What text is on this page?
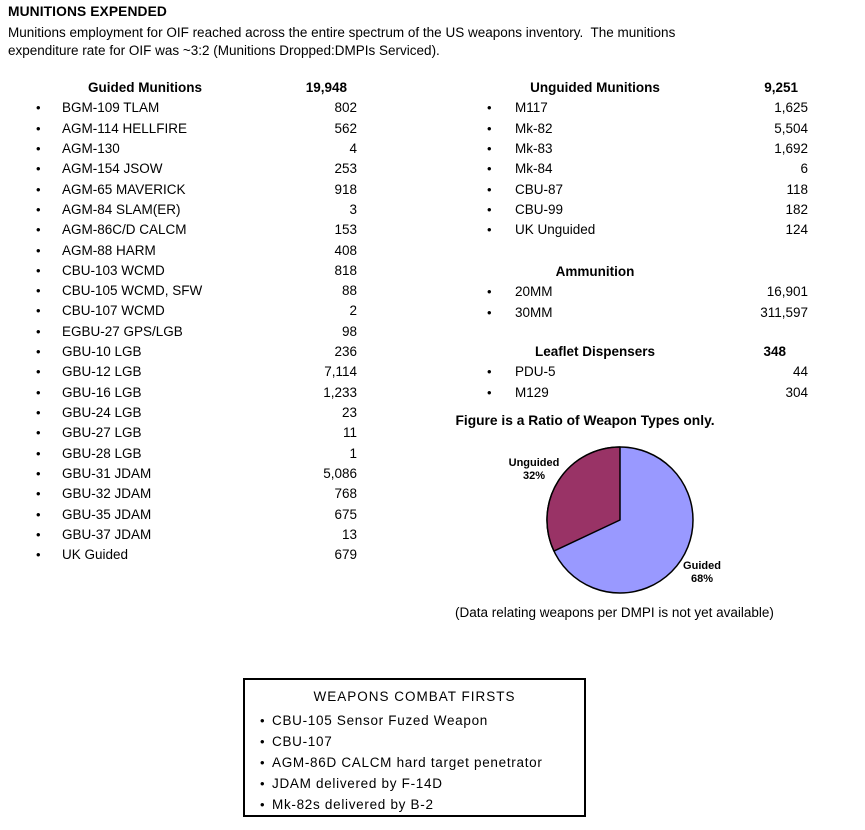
MUNITIONS EXPENDED
Munitions employment for OIF reached across the entire spectrum of the US weapons inventory.  The munitions
expenditure rate for OIF was ~3:2 (Munitions Dropped:DMPIs Serviced).
Guided Munitions	19,948
•	BGM-109 TLAM	802
•	AGM-114 HELLFIRE	562
•	AGM-130	4
•	AGM-154 JSOW	253
•	AGM-65 MAVERICK	918
•	AGM-84 SLAM(ER)	3
•	AGM-86C/D CALCM	153
•	AGM-88 HARM	408
•	CBU-103 WCMD	818
•	CBU-105 WCMD, SFW	88
•	CBU-107 WCMD	2
•	EGBU-27 GPS/LGB	98
•	GBU-10 LGB	236
•	GBU-12 LGB	7,114
•	GBU-16 LGB	1,233
•	GBU-24 LGB	23
•	GBU-27 LGB	11
•	GBU-28 LGB	1
•	GBU-31 JDAM	5,086
•	GBU-32 JDAM	768
•	GBU-35 JDAM	675
•	GBU-37 JDAM	13
•	UK Guided	679
Unguided Munitions	9,251
•	M117	1,625
•	Mk-82	5,504
•	Mk-83	1,692
•	Mk-84	6
•	CBU-87	118
•	CBU-99	182
•	UK Unguided	124
Ammunition
•	20MM	16,901
•	30MM	311,597
Leaflet Dispensers	348
•	PDU-5	44
•	M129	304
Figure is a Ratio of Weapon Types only.
Unguided
32%
Guided
68%
(Data relating weapons per DMPI is not yet available)
WEAPONS COMBAT FIRSTS
• CBU-105 Sensor Fuzed Weapon
• CBU-107
• AGM-86D CALCM hard target penetrator
• JDAM delivered by F-14D
• Mk-82s delivered by B-2
